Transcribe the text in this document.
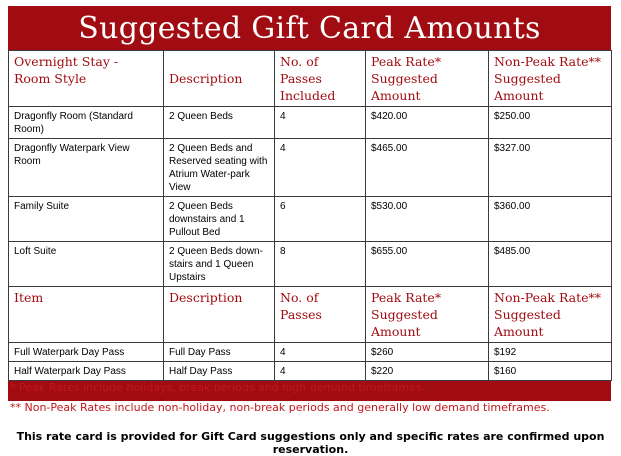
Suggested Gift Card Amounts
Overnight Stay - Room Style	Description	No. of Passes Included	Peak Rate* Suggested Amount	Non-Peak Rate** Suggested Amount
Dragonfly Room (Standard Room)	2 Queen Beds	4	$420.00	$250.00
Dragonfly Waterpark View Room	2 Queen Beds and Reserved seating with Atrium Water-park View	4	$465.00	$327.00
Family Suite	2 Queen Beds downstairs and 1 Pullout Bed	6	$530.00	$360.00
Loft Suite	2 Queen Beds down-stairs and 1 Queen Upstairs	8	$655.00	$485.00
Item	Description	No. of Passes	Peak Rate* Suggested Amount	Non-Peak Rate** Suggested Amount
Full Waterpark Day Pass	Full Day Pass	4	$260	$192
Half Waterpark Day Pass	Half Day Pass	4	$220	$160
* Peak Rates include holidays, break periods and high demand timeframes.
** Non-Peak Rates include non-holiday, non-break periods and generally low demand timeframes.
This rate card is provided for Gift Card suggestions only and specific rates are confirmed upon reservation.
